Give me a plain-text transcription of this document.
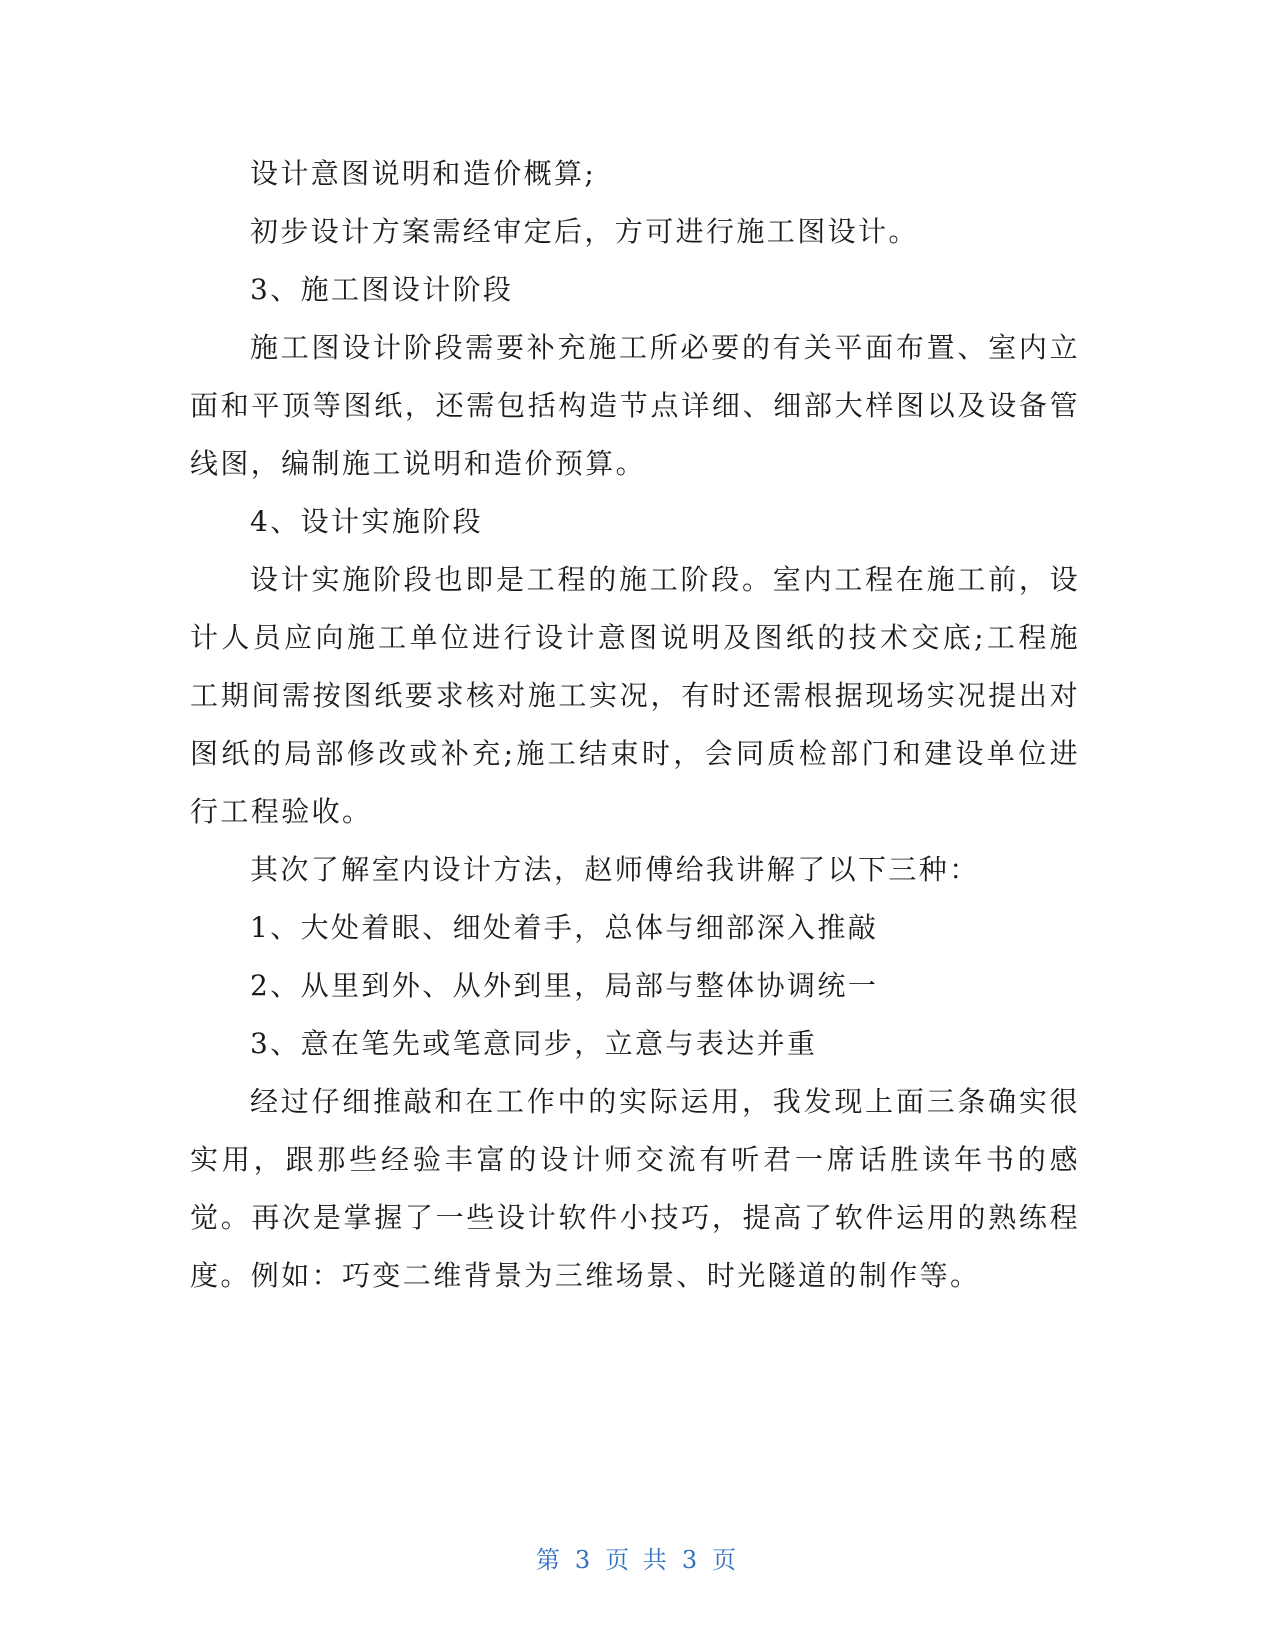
设计意图说明和造价概算;

初步设计方案需经审定后，方可进行施工图设计。

3、施工图设计阶段

施工图设计阶段需要补充施工所必要的有关平面布置、室内立面和平顶等图纸，还需包括构造节点详细、细部大样图以及设备管线图，编制施工说明和造价预算。

4、设计实施阶段

设计实施阶段也即是工程的施工阶段。室内工程在施工前，设计人员应向施工单位进行设计意图说明及图纸的技术交底;工程施工期间需按图纸要求核对施工实况，有时还需根据现场实况提出对图纸的局部修改或补充;施工结束时，会同质检部门和建设单位进行工程验收。

其次了解室内设计方法，赵师傅给我讲解了以下三种：

1、大处着眼、细处着手，总体与细部深入推敲

2、从里到外、从外到里，局部与整体协调统一

3、意在笔先或笔意同步，立意与表达并重

经过仔细推敲和在工作中的实际运用，我发现上面三条确实很实用，跟那些经验丰富的设计师交流有听君一席话胜读年书的感觉。再次是掌握了一些设计软件小技巧，提高了软件运用的熟练程度。例如：巧变二维背景为三维场景、时光隧道的制作等。

第 3 页 共 3 页
